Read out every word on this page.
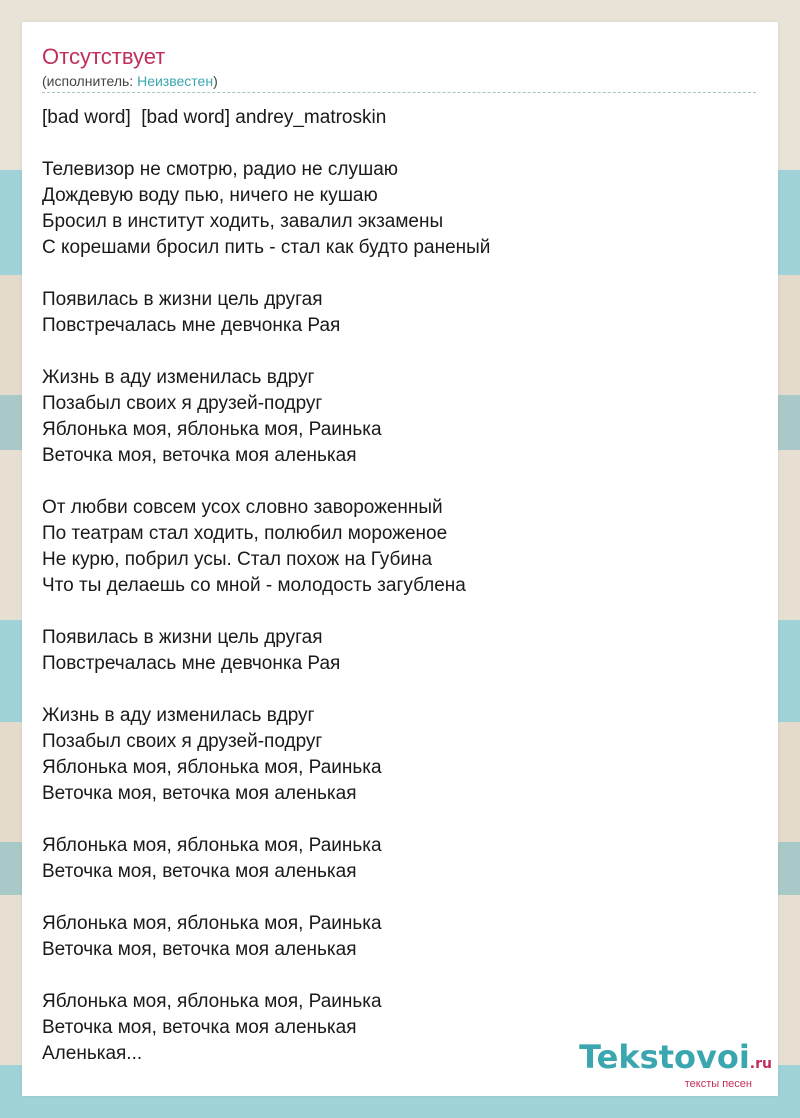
Отсутствует
(исполнитель: Неизвестен)
[bad word]  [bad word] andrey_matroskin

Телевизор не смотрю, радио не слушаю
Дождевую воду пью, ничего не кушаю
Бросил в институт ходить, завалил экзамены
С корешами бросил пить - стал как будто раненый

Появилась в жизни цель другая
Повстречалась мне девчонка Рая

Жизнь в аду изменилась вдруг
Позабыл своих я друзей-подруг
Яблонька моя, яблонька моя, Раинька
Веточка моя, веточка моя аленькая

От любви совсем усох словно завороженный
По театрам стал ходить, полюбил мороженое
Не курю, побрил усы. Стал похож на Губина
Что ты делаешь со мной - молодость загублена

Появилась в жизни цель другая
Повстречалась мне девчонка Рая

Жизнь в аду изменилась вдруг
Позабыл своих я друзей-подруг
Яблонька моя, яблонька моя, Раинька
Веточка моя, веточка моя аленькая

Яблонька моя, яблонька моя, Раинька
Веточка моя, веточка моя аленькая

Яблонька моя, яблонька моя, Раинька
Веточка моя, веточка моя аленькая

Яблонька моя, яблонька моя, Раинька
Веточка моя, веточка моя аленькая
Аленькая...	Tekstovoi.ru
тексты песен
